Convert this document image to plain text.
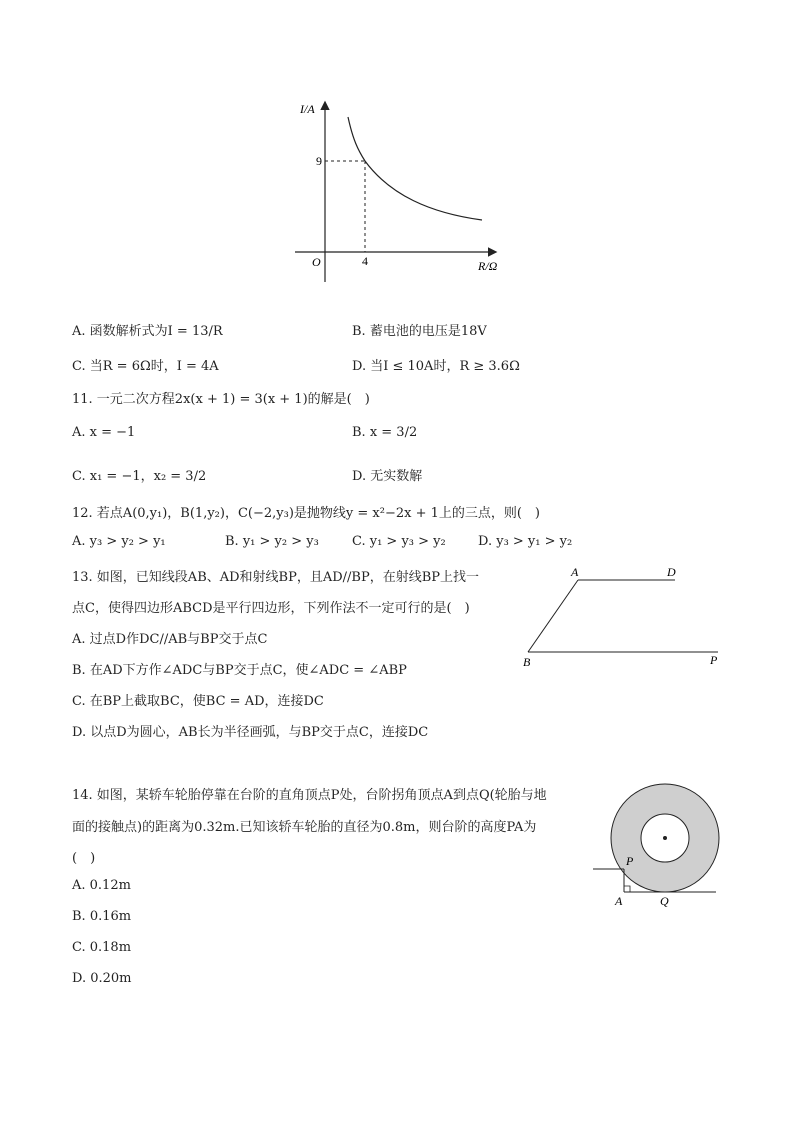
I/A
R/Ω
O
9
4
A. 函数解析式为I = 13/R	B. 蓄电池的电压是18V
C. 当R = 6Ω时，I = 4A	D. 当I ≤ 10A时，R ≥ 3.6Ω
11. 一元二次方程2x(x + 1) = 3(x + 1)的解是(　)
A. x = −1	B. x = 3/2
C. x₁ = −1，x₂ = 3/2	D. 无实数解
12. 若点A(0,y₁)，B(1,y₂)，C(−2,y₃)是抛物线y = x²−2x + 1上的三点，则(　)
A. y₃ > y₂ > y₁	B. y₁ > y₂ > y₃	C. y₁ > y₃ > y₂ D. y₃ > y₁ > y₂
13. 如图，已知线段AB、AD和射线BP，且AD//BP，在射线BP上找一
点C，使得四边形ABCD是平行四边形，下列作法不一定可行的是(　)
A. 过点D作DC//AB与BP交于点C
B. 在AD下方作∠ADC与BP交于点C，使∠ADC = ∠ABP
C. 在BP上截取BC，使BC = AD，连接DC
D. 以点D为圆心，AB长为半径画弧，与BP交于点C，连接DC
A	D
B	P
14. 如图，某轿车轮胎停靠在台阶的直角顶点P处，台阶拐角顶点A到点Q(轮胎与地
面的接触点)的距离为0.32m.已知该轿车轮胎的直径为0.8m，则台阶的高度PA为
(　)
A. 0.12m
B. 0.16m
C. 0.18m
D. 0.20m
P
A	Q
